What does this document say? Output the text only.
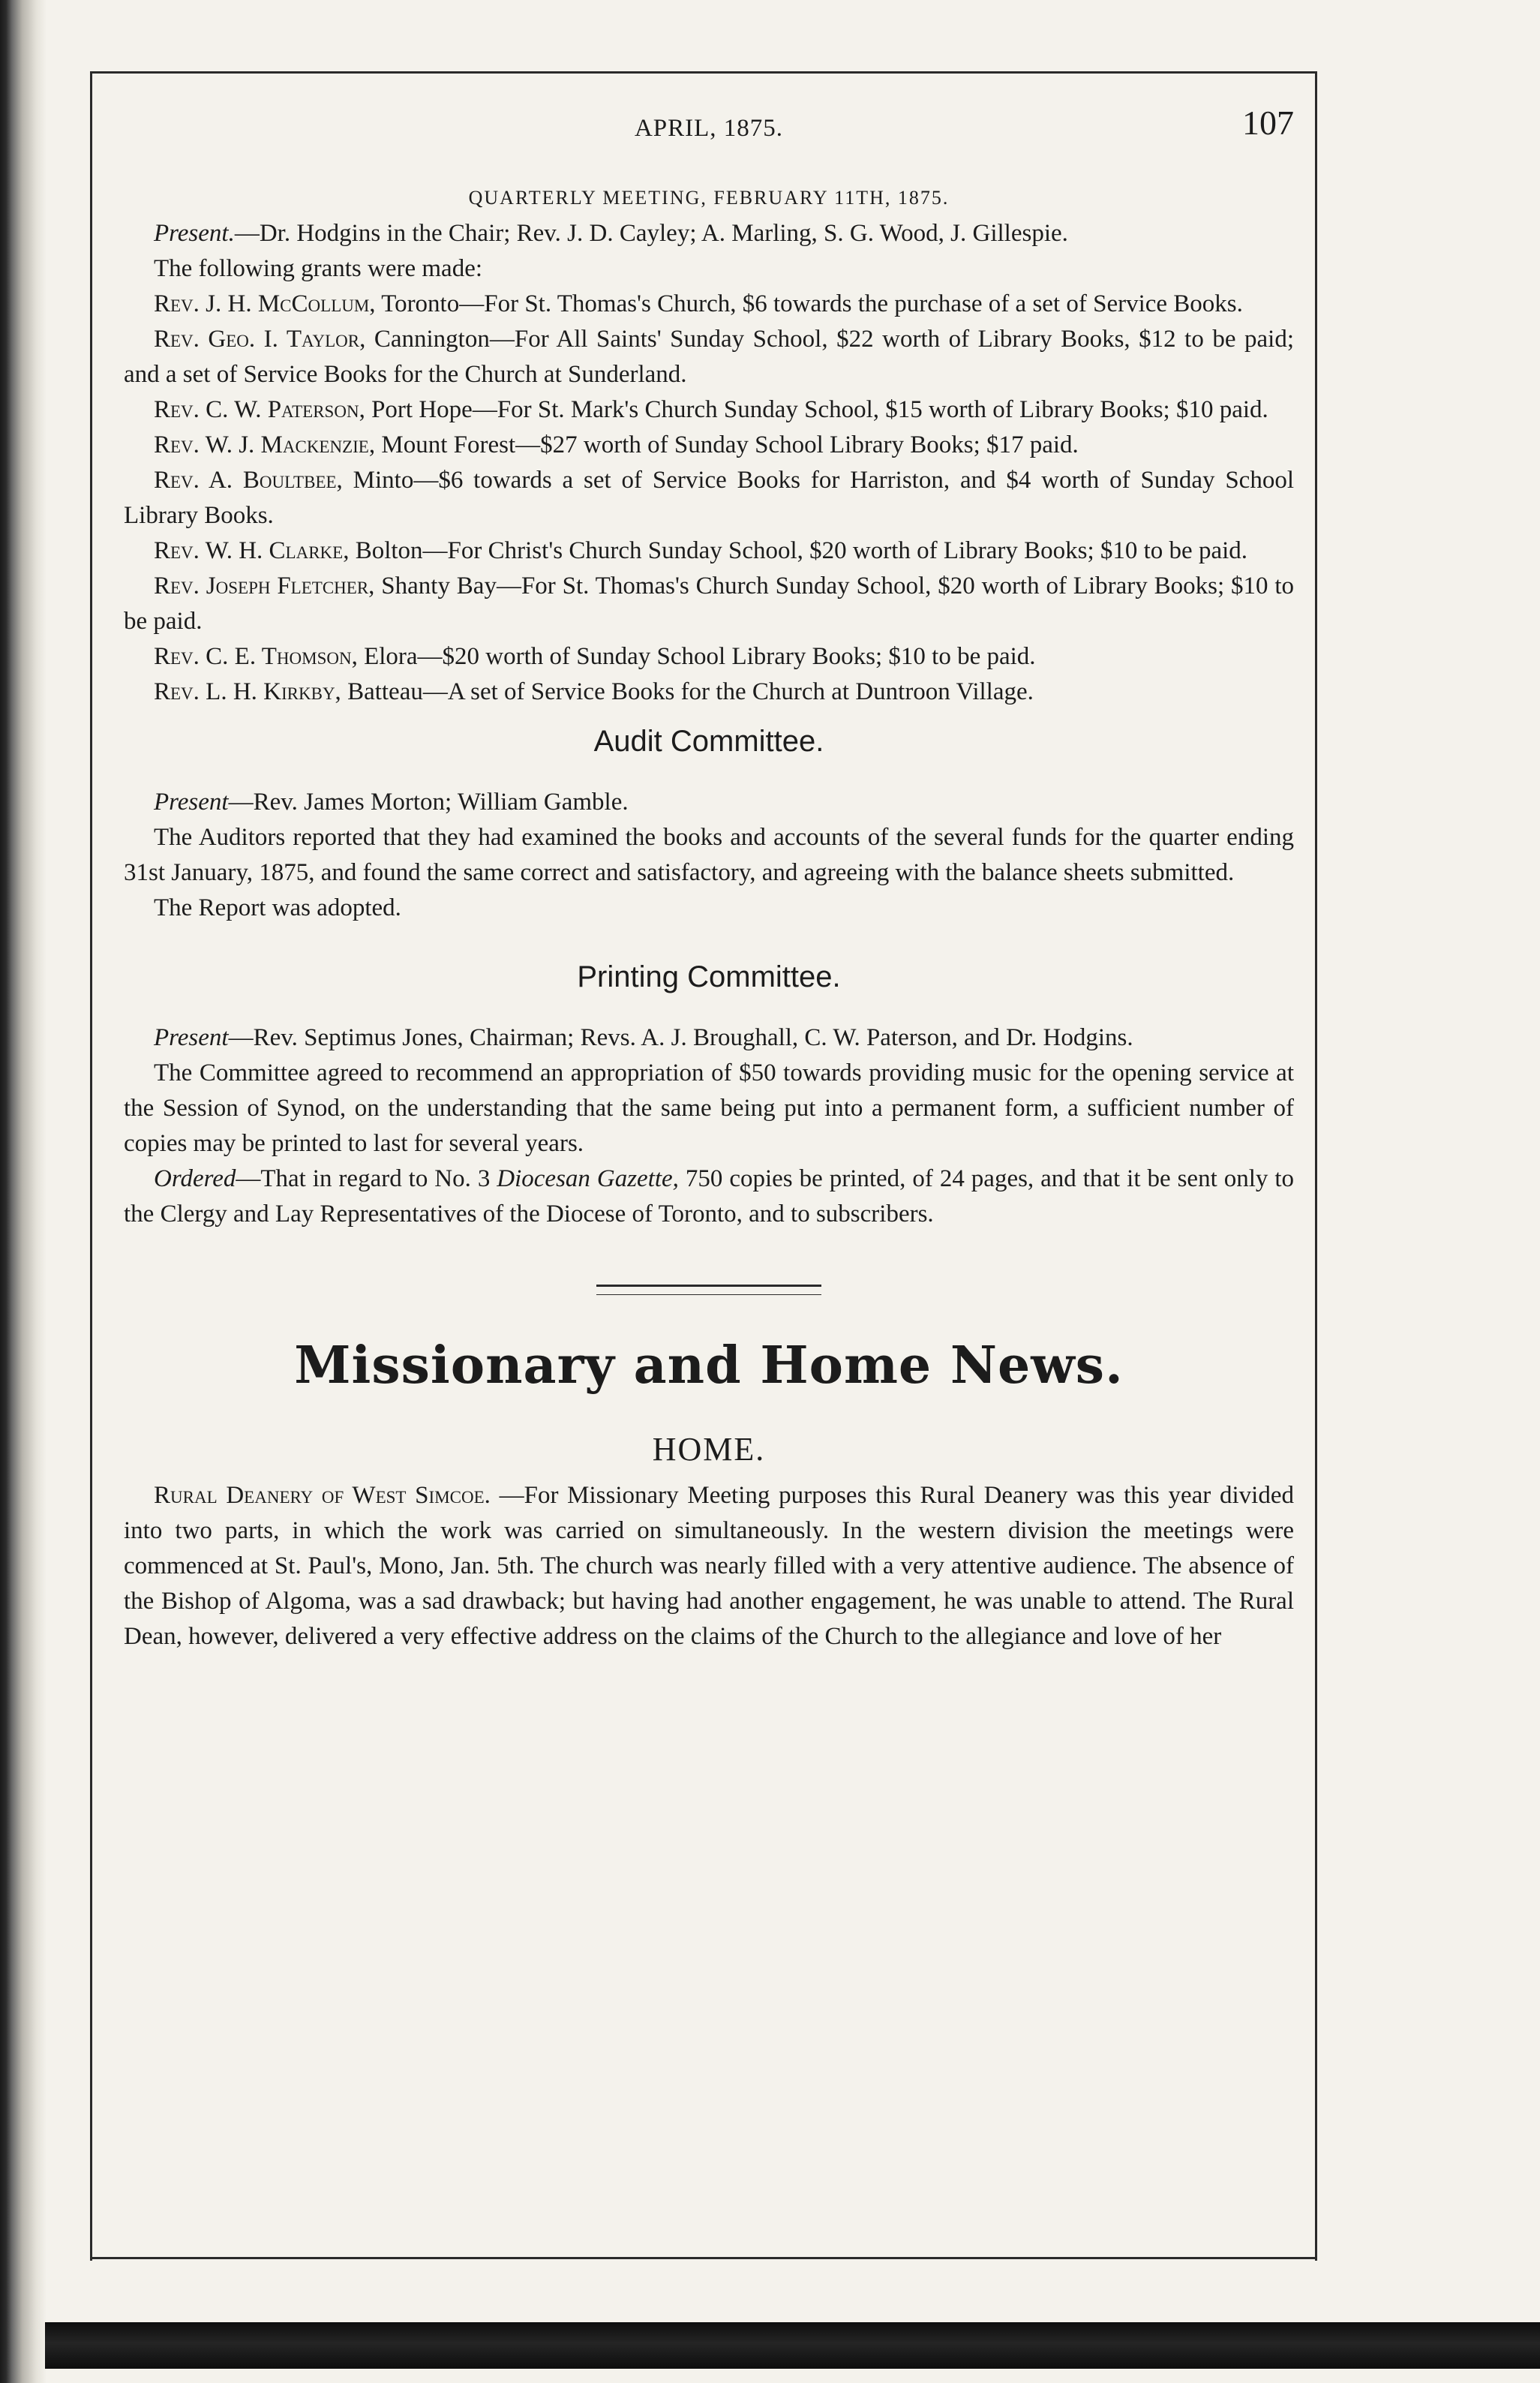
APRIL, 1875.	107
QUARTERLY MEETING, FEBRUARY 11TH, 1875.

Present.—Dr. Hodgins in the Chair; Rev. J. D. Cayley; A. Marling, S. G. Wood, J. Gillespie.

The following grants were made:

Rev. J. H. McCollum, Toronto—For St. Thomas's Church, $6 towards the purchase of a set of Service Books.

Rev. Geo. I. Taylor, Cannington—For All Saints' Sunday School, $22 worth of Library Books, $12 to be paid; and a set of Service Books for the Church at Sunderland.

Rev. C. W. Paterson, Port Hope—For St. Mark's Church Sunday School, $15 worth of Library Books; $10 paid.

Rev. W. J. Mackenzie, Mount Forest—$27 worth of Sunday School Library Books; $17 paid.

Rev. A. Boultbee, Minto—$6 towards a set of Service Books for Harriston, and $4 worth of Sunday School Library Books.

Rev. W. H. Clarke, Bolton—For Christ's Church Sunday School, $20 worth of Library Books; $10 to be paid.

Rev. Joseph Fletcher, Shanty Bay—For St. Thomas's Church Sunday School, $20 worth of Library Books; $10 to be paid.

Rev. C. E. Thomson, Elora—$20 worth of Sunday School Library Books; $10 to be paid.

Rev. L. H. Kirkby, Batteau—A set of Service Books for the Church at Duntroon Village.

Audit Committee.

Present—Rev. James Morton; William Gamble.

The Auditors reported that they had examined the books and accounts of the several funds for the quarter ending 31st January, 1875, and found the same correct and satisfactory, and agreeing with the balance sheets submitted.

The Report was adopted.

Printing Committee.

Present—Rev. Septimus Jones, Chairman; Revs. A. J. Broughall, C. W. Paterson, and Dr. Hodgins.

The Committee agreed to recommend an appropriation of $50 towards providing music for the opening service at the Session of Synod, on the understanding that the same being put into a permanent form, a sufficient number of copies may be printed to last for several years.

Ordered—That in regard to No. 3 Diocesan Gazette, 750 copies be printed, of 24 pages, and that it be sent only to the Clergy and Lay Representatives of the Diocese of Toronto, and to subscribers.

Missionary and Home News.
HOME.

Rural Deanery of West Simcoe. —For Missionary Meeting purposes this Rural Deanery was this year divided into two parts, in which the work was carried on simultaneously. In the western division the meetings were commenced at St. Paul's, Mono, Jan. 5th. The church was nearly filled with a very attentive audience. The absence of the Bishop of Algoma, was a sad drawback; but having had another engagement, he was unable to attend. The Rural Dean, however, delivered a very effective address on the claims of the Church to the allegiance and love of her
